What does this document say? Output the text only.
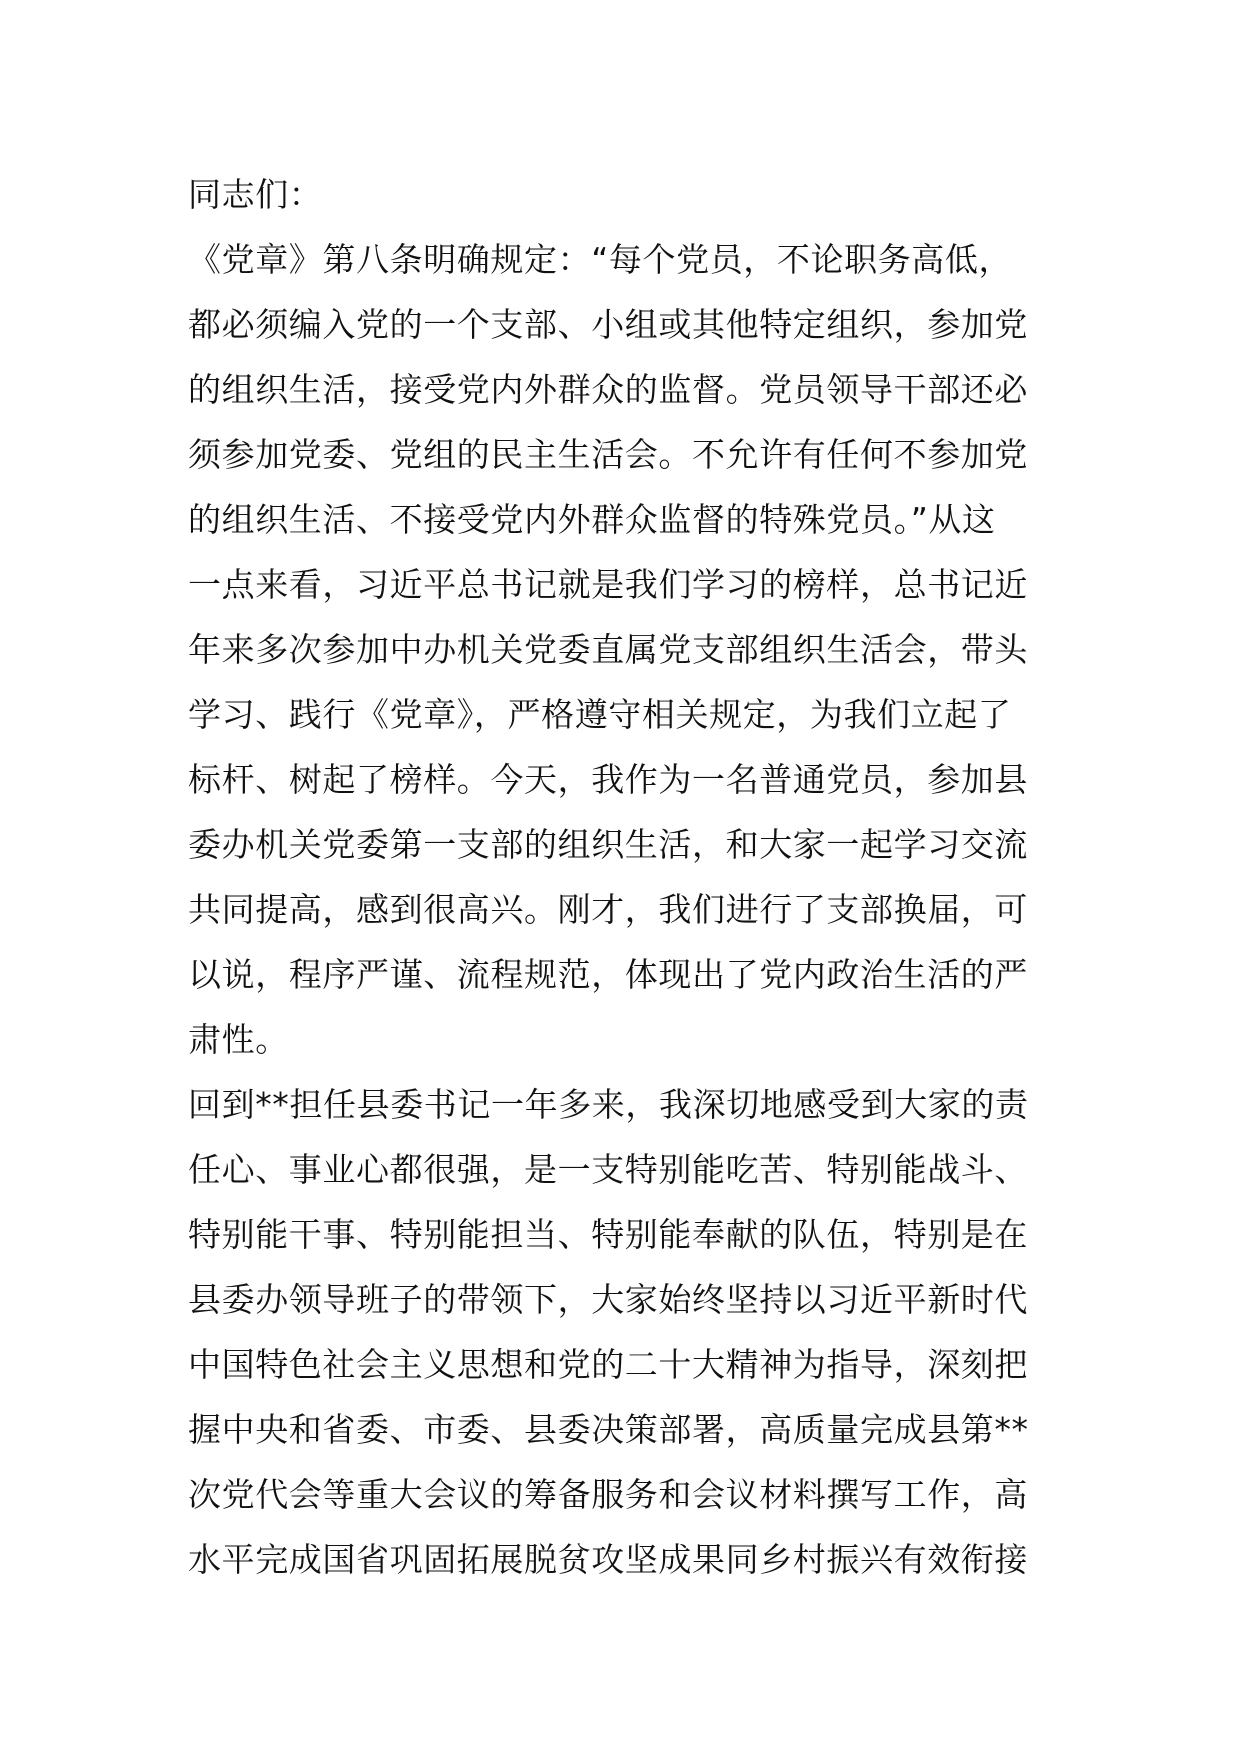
同志们：
《党章》第八条明确规定：“每个党员，不论职务高低，
都必须编入党的一个支部、小组或其他特定组织，参加党
的组织生活，接受党内外群众的监督。党员领导干部还必
须参加党委、党组的民主生活会。不允许有任何不参加党
的组织生活、不接受党内外群众监督的特殊党员。”从这
一点来看，习近平总书记就是我们学习的榜样，总书记近
年来多次参加中办机关党委直属党支部组织生活会，带头
学习、践行《党章》，严格遵守相关规定，为我们立起了
标杆、树起了榜样。今天，我作为一名普通党员，参加县
委办机关党委第一支部的组织生活，和大家一起学习交流
共同提高，感到很高兴。刚才，我们进行了支部换届，可
以说，程序严谨、流程规范，体现出了党内政治生活的严
肃性。
回到**担任县委书记一年多来，我深切地感受到大家的责
任心、事业心都很强，是一支特别能吃苦、特别能战斗、
特别能干事、特别能担当、特别能奉献的队伍，特别是在
县委办领导班子的带领下，大家始终坚持以习近平新时代
中国特色社会主义思想和党的二十大精神为指导，深刻把
握中央和省委、市委、县委决策部署，高质量完成县第**
次党代会等重大会议的筹备服务和会议材料撰写工作，高
水平完成国省巩固拓展脱贫攻坚成果同乡村振兴有效衔接
